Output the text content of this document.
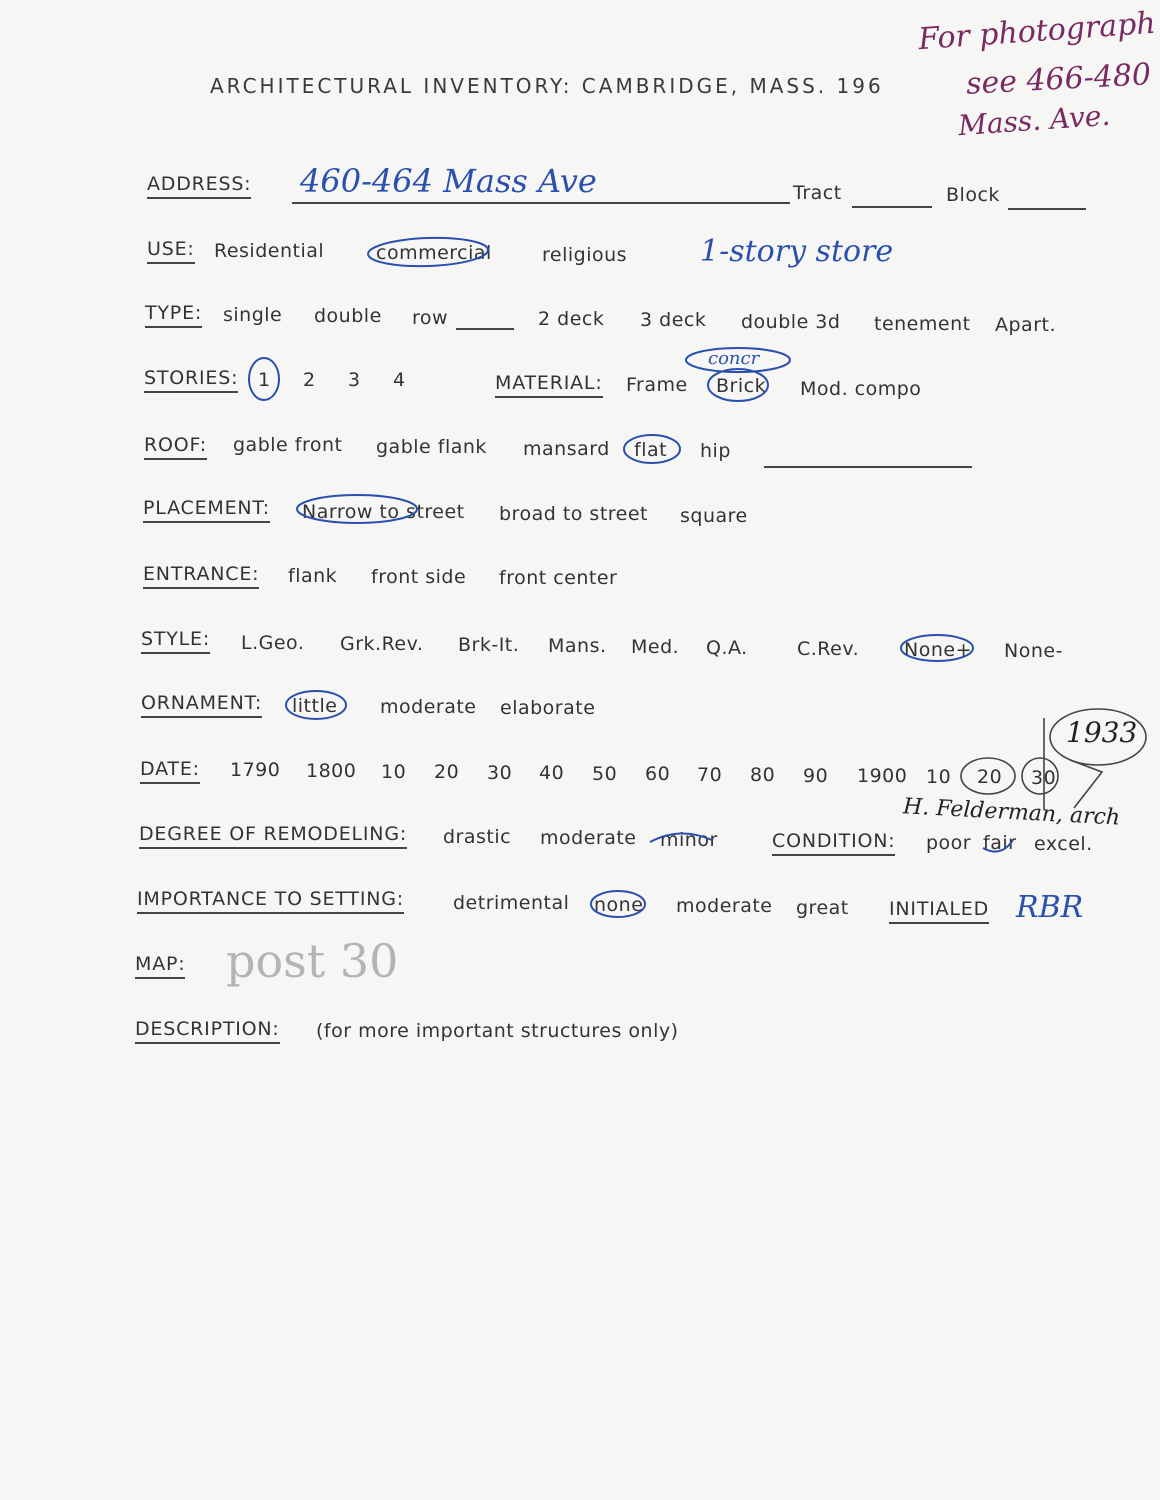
ARCHITECTURAL INVENTORY: CAMBRIDGE, MASS. 196
For photograph
see 466-480
Mass. Ave.
ADDRESS: 460-464 Mass Ave	Tract	Block
USE: Residential	commercial	religious 1-story store
TYPE: single double row	2 deck 3 deck double 3d tenement Apart.
STORIES: 1 2 3 4	MATERIAL: Frame Brick Mod. compo
concr
ROOF: gable front gable flank mansard flat hip
PLACEMENT: Narrow to street broad to street square
ENTRANCE: flank front side front center
STYLE: L.Geo. Grk.Rev. Brk-It. Mans. Med. Q.A.	C.Rev. None+ None-
ORNAMENT: little moderate elaborate
DATE: 1790 1800 10 20 30 40 50 60 70 80 90 1900 10 20 30
1933
DEGREE OF REMODELING: drastic moderate minor	CONDITION: poor fair excel.
H. Felderman, arch
IMPORTANCE TO SETTING:	detrimental none moderate great INITIALED RBR
MAP: post 30
DESCRIPTION: (for more important structures only)
